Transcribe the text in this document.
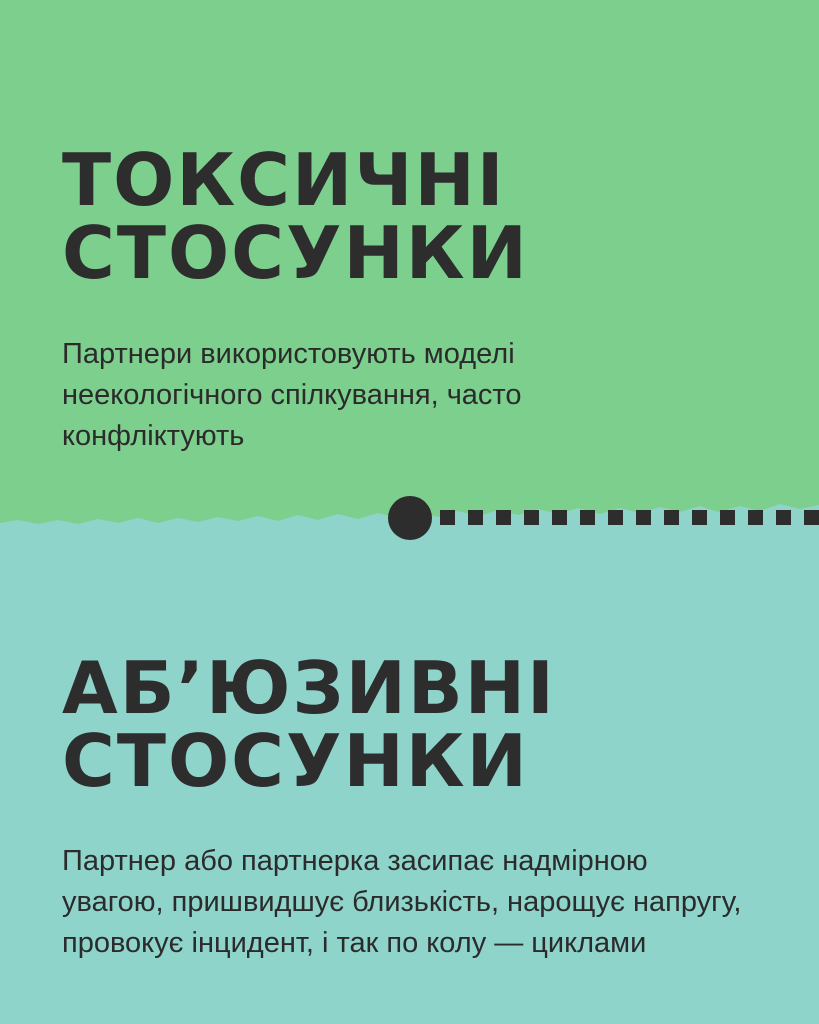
ТОКСИЧНІ
СТОСУНКИ

Партнери використовують моделі неекологічного спілкування, часто конфліктують

АБ’ЮЗИВНІ
СТОСУНКИ

Партнер або партнерка засипає надмірною увагою, пришвидшує близькість, нарощує напругу, провокує інцидент, і так по колу — циклами
